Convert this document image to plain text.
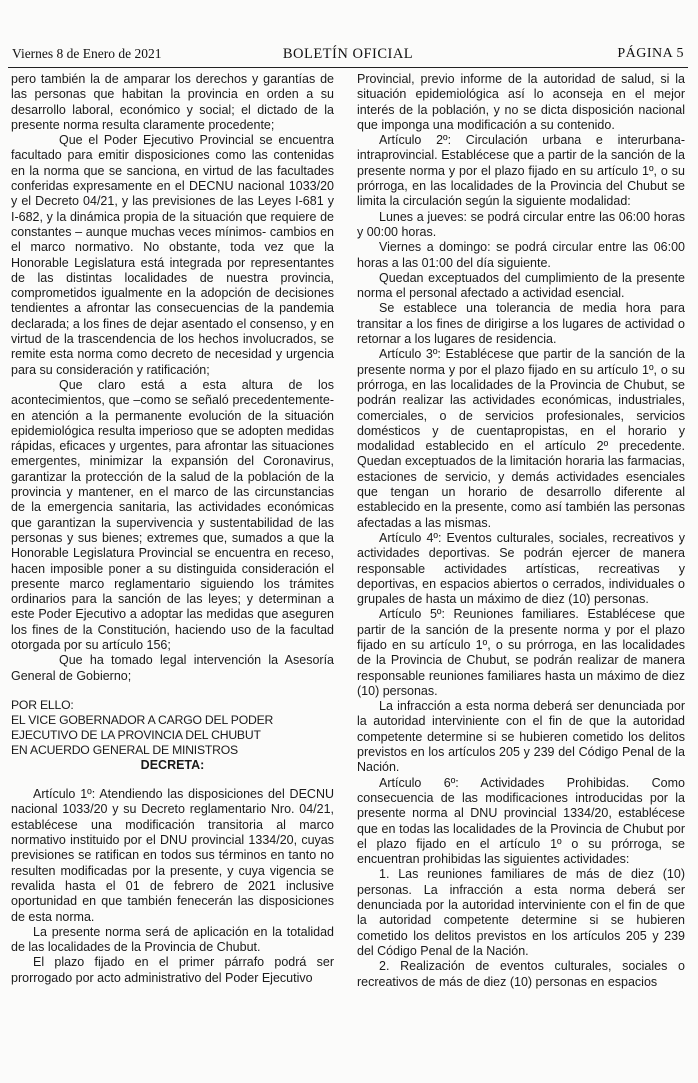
Viernes 8 de Enero de 2021	BOLETÍN OFICIAL	PÁGINA 5

pero también la de amparar los derechos y garantías de las personas que habitan la provincia en orden a su desarrollo laboral, económico y social; el dictado de la presente norma resulta claramente procedente;

Que el Poder Ejecutivo Provincial se encuentra facultado para emitir disposiciones como las contenidas en la norma que se sanciona, en virtud de las facultades conferidas expresamente en el DECNU nacional 1033/20 y el Decreto 04/21, y las previsiones de las Leyes I-681 y I-682, y la dinámica propia de la situación que requiere de constantes – aunque muchas veces mínimos- cambios en el marco normativo. No obstante, toda vez que la Honorable Legislatura está integrada por representantes de las distintas localidades de nuestra provincia, comprometidos igualmente en la adopción de decisiones tendientes a afrontar las consecuencias de la pandemia declarada; a los fines de dejar asentado el consenso, y en virtud de la trascendencia de los hechos involucrados, se remite esta norma como decreto de necesidad y urgencia para su consideración y ratificación;

Que claro está a esta altura de los acontecimientos, que –como se señaló precedentemente- en atención a la permanente evolución de la situación epidemiológica resulta imperioso que se adopten medidas rápidas, eficaces y urgentes, para afrontar las situaciones emergentes, minimizar la expansión del Coronavirus, garantizar la protección de la salud de la población de la provincia y mantener, en el marco de las circunstancias de la emergencia sanitaria, las actividades económicas que garantizan la supervivencia y sustentabilidad de las personas y sus bienes; extremes que, sumados a que la Honorable Legislatura Provincial se encuentra en receso, hacen imposible poner a su distinguida consideración el presente marco reglamentario siguiendo los trámites ordinarios para la sanción de las leyes; y determinan a este Poder Ejecutivo a adoptar las medidas que aseguren los fines de la Constitución, haciendo uso de la facultad otorgada por su artículo 156;

Que ha tomado legal intervención la Asesoría General de Gobierno;

POR ELLO:

EL VICE GOBERNADOR A CARGO DEL PODER

EJECUTIVO DE LA PROVINCIA DEL CHUBUT

EN ACUERDO GENERAL DE MINISTROS

DECRETA:

Artículo 1º: Atendiendo las disposiciones del DECNU nacional 1033/20 y su Decreto reglamentario Nro. 04/21, establécese una modificación transitoria al marco normativo instituido por el DNU provincial 1334/20, cuyas previsiones se ratifican en todos sus términos en tanto no resulten modificadas por la presente, y cuya vigencia se revalida hasta el 01 de febrero de 2021 inclusive oportunidad en que también fenecerán las disposiciones de esta norma.

La presente norma será de aplicación en la totalidad de las localidades de la Provincia de Chubut.

El plazo fijado en el primer párrafo podrá ser prorrogado por acto administrativo del Poder Ejecutivo

Provincial, previo informe de la autoridad de salud, si la situación epidemiológica así lo aconseja en el mejor interés de la población, y no se dicta disposición nacional que imponga una modificación a su contenido.

Artículo 2º: Circulación urbana e interurbana-intraprovincial. Establécese que a partir de la sanción de la presente norma y por el plazo fijado en su artículo 1º, o su prórroga, en las localidades de la Provincia del Chubut se limita la circulación según la siguiente modalidad:

Lunes a jueves: se podrá circular entre las 06:00 horas y 00:00 horas.

Viernes a domingo: se podrá circular entre las 06:00 horas a las 01:00 del día siguiente.

Quedan exceptuados del cumplimiento de la presente norma el personal afectado a actividad esencial.

Se establece una tolerancia de media hora para transitar a los fines de dirigirse a los lugares de actividad o retornar a los lugares de residencia.

Artículo 3º: Establécese que partir de la sanción de la presente norma y por el plazo fijado en su artículo 1º, o su prórroga, en las localidades de la Provincia de Chubut, se podrán realizar las actividades económicas, industriales, comerciales, o de servicios profesionales, servicios domésticos y de cuentapropistas, en el horario y modalidad establecido en el artículo 2º precedente. Quedan exceptuados de la limitación horaria las farmacias, estaciones de servicio, y demás actividades esenciales que tengan un horario de desarrollo diferente al establecido en la presente, como así también las personas afectadas a las mismas.

Artículo 4º: Eventos culturales, sociales, recreativos y actividades deportivas. Se podrán ejercer de manera responsable actividades artísticas, recreativas y deportivas, en espacios abiertos o cerrados, individuales o grupales de hasta un máximo de diez (10) personas.

Artículo 5º: Reuniones familiares. Establécese que partir de la sanción de la presente norma y por el plazo fijado en su artículo 1º, o su prórroga, en las localidades de la Provincia de Chubut, se podrán realizar de manera responsable reuniones familiares hasta un máximo de diez (10) personas.

La infracción a esta norma deberá ser denunciada por la autoridad interviniente con el fin de que la autoridad competente determine si se hubieren cometido los delitos previstos en los artículos 205 y 239 del Código Penal de la Nación.

Artículo 6º: Actividades Prohibidas. Como consecuencia de las modificaciones introducidas por la presente norma al DNU provincial 1334/20, establécese que en todas las localidades de la Provincia de Chubut por el plazo fijado en el artículo 1º o su prórroga, se encuentran prohibidas las siguientes actividades:

1. Las reuniones familiares de más de diez (10) personas. La infracción a esta norma deberá ser denunciada por la autoridad interviniente con el fin de que la autoridad competente determine si se hubieren cometido los delitos previstos en los artículos 205 y 239 del Código Penal de la Nación.

2. Realización de eventos culturales, sociales o recreativos de más de diez (10) personas en espacios
